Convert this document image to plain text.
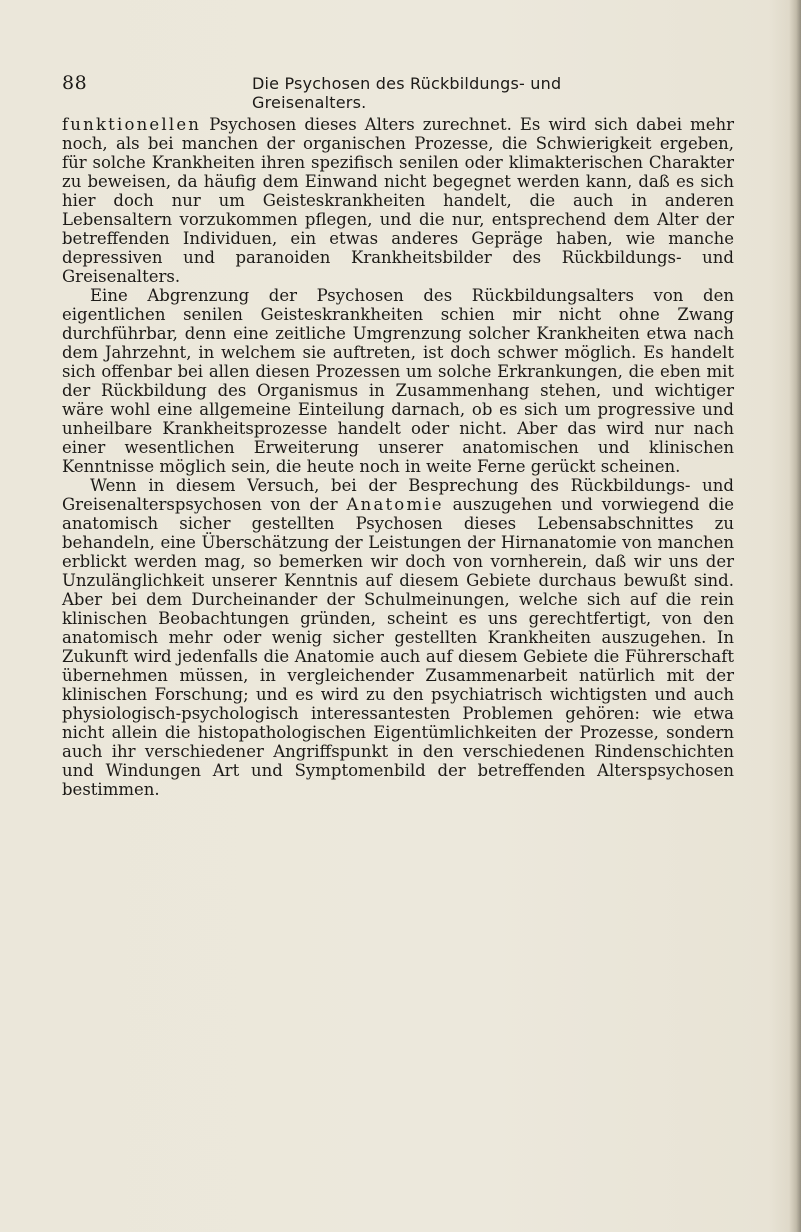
88	Die Psychosen des Rückbildungs- und Greisenalters.

funktionellen Psychosen dieses Alters zurechnet. Es wird sich dabei mehr noch, als bei manchen der organischen Prozesse, die Schwierigkeit ergeben, für solche Krankheiten ihren spezifisch senilen oder klimakterischen Charakter zu beweisen, da häufig dem Einwand nicht begegnet werden kann, daß es sich hier doch nur um Geisteskrankheiten handelt, die auch in anderen Lebensaltern vorzukommen pflegen, und die nur, entsprechend dem Alter der betreffenden Individuen, ein etwas anderes Gepräge haben, wie manche depressiven und paranoiden Krankheitsbilder des Rückbildungs- und Greisenalters.

Eine Abgrenzung der Psychosen des Rückbildungsalters von den eigentlichen senilen Geisteskrankheiten schien mir nicht ohne Zwang durchführbar, denn eine zeitliche Umgrenzung solcher Krankheiten etwa nach dem Jahrzehnt, in welchem sie auftreten, ist doch schwer möglich. Es handelt sich offenbar bei allen diesen Prozessen um solche Erkrankungen, die eben mit der Rückbildung des Organismus in Zusammenhang stehen, und wichtiger wäre wohl eine allgemeine Einteilung darnach, ob es sich um progressive und unheilbare Krankheitsprozesse handelt oder nicht. Aber das wird nur nach einer wesentlichen Erweiterung unserer anatomischen und klinischen Kenntnisse möglich sein, die heute noch in weite Ferne gerückt scheinen.

Wenn in diesem Versuch, bei der Besprechung des Rückbildungs- und Greisenalterspsychosen von der Anatomie auszugehen und vorwiegend die anatomisch sicher gestellten Psychosen dieses Lebensabschnittes zu behandeln, eine Überschätzung der Leistungen der Hirnanatomie von manchen erblickt werden mag, so bemerken wir doch von vornherein, daß wir uns der Unzulänglichkeit unserer Kenntnis auf diesem Gebiete durchaus bewußt sind. Aber bei dem Durcheinander der Schulmeinungen, welche sich auf die rein klinischen Beobachtungen gründen, scheint es uns gerechtfertigt, von den anatomisch mehr oder wenig sicher gestellten Krankheiten auszugehen. In Zukunft wird jedenfalls die Anatomie auch auf diesem Gebiete die Führerschaft übernehmen müssen, in vergleichender Zusammenarbeit natürlich mit der klinischen Forschung; und es wird zu den psychiatrisch wichtigsten und auch physiologisch-psychologisch interessantesten Problemen gehören: wie etwa nicht allein die histopathologischen Eigentümlichkeiten der Prozesse, sondern auch ihr verschiedener Angriffspunkt in den verschiedenen Rindenschichten und Windungen Art und Symptomenbild der betreffenden Alterspsychosen bestimmen.
